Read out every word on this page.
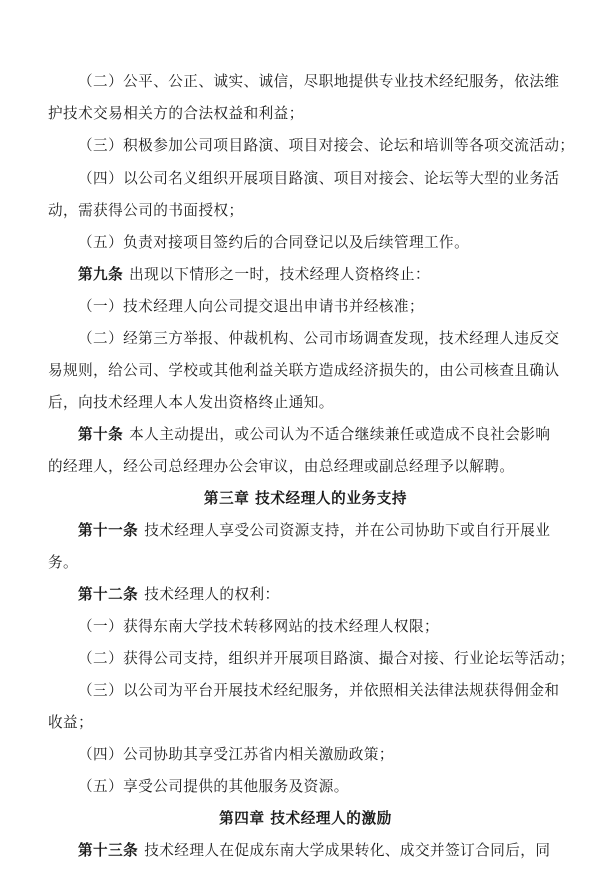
（二）公平、公正、诚实、诚信，尽职地提供专业技术经纪服务，依法维
护技术交易相关方的合法权益和利益；
（三）积极参加公司项目路演、项目对接会、论坛和培训等各项交流活动；
（四）以公司名义组织开展项目路演、项目对接会、论坛等大型的业务活
动，需获得公司的书面授权；
（五）负责对接项目签约后的合同登记以及后续管理工作。
第九条 出现以下情形之一时，技术经理人资格终止：
（一）技术经理人向公司提交退出申请书并经核准；
（二）经第三方举报、仲裁机构、公司市场调查发现，技术经理人违反交
易规则，给公司、学校或其他利益关联方造成经济损失的，由公司核查且确认
后，向技术经理人本人发出资格终止通知。
第十条 本人主动提出，或公司认为不适合继续兼任或造成不良社会影响
的经理人，经公司总经理办公会审议，由总经理或副总经理予以解聘。
第三章 技术经理人的业务支持
第十一条 技术经理人享受公司资源支持，并在公司协助下或自行开展业
务。
第十二条 技术经理人的权利：
（一）获得东南大学技术转移网站的技术经理人权限；
（二）获得公司支持，组织并开展项目路演、撮合对接、行业论坛等活动；
（三）以公司为平台开展技术经纪服务，并依照相关法律法规获得佣金和
收益；
（四）公司协助其享受江苏省内相关激励政策；
（五）享受公司提供的其他服务及资源。
第四章 技术经理人的激励
第十三条 技术经理人在促成东南大学成果转化、成交并签订合同后，同
